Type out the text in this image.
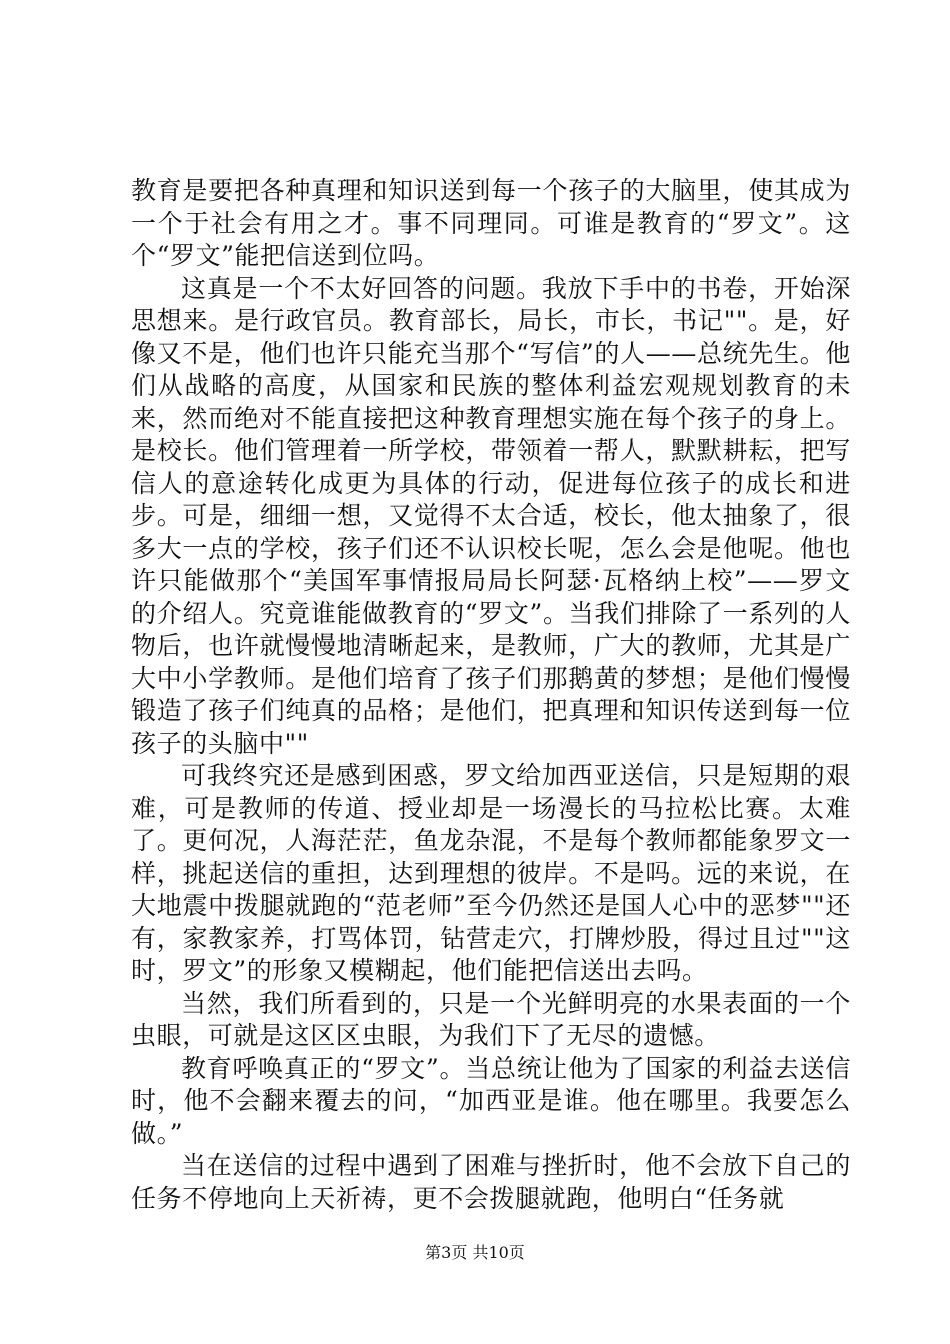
教育是要把各种真理和知识送到每一个孩子的大脑里，使其成为一个于社会有用之才。事不同理同。可谁是教育的“罗文”。这个“罗文”能把信送到位吗。

这真是一个不太好回答的问题。我放下手中的书卷，开始深思想来。是行政官员。教育部长，局长，市长，书记""。是，好像又不是，他们也许只能充当那个“写信”的人——总统先生。他们从战略的高度，从国家和民族的整体利益宏观规划教育的未来，然而绝对不能直接把这种教育理想实施在每个孩子的身上。是校长。他们管理着一所学校，带领着一帮人，默默耕耘，把写信人的意途转化成更为具体的行动，促进每位孩子的成长和进步。可是，细细一想，又觉得不太合适，校长，他太抽象了，很多大一点的学校，孩子们还不认识校长呢，怎么会是他呢。他也许只能做那个“美国军事情报局局长阿瑟·瓦格纳上校”——罗文的介绍人。究竟谁能做教育的“罗文”。当我们排除了一系列的人物后，也许就慢慢地清晰起来，是教师，广大的教师，尤其是广大中小学教师。是他们培育了孩子们那鹅黄的梦想；是他们慢慢锻造了孩子们纯真的品格；是他们，把真理和知识传送到每一位孩子的头脑中""

可我终究还是感到困惑，罗文给加西亚送信，只是短期的艰难，可是教师的传道、授业却是一场漫长的马拉松比赛。太难了。更何况，人海茫茫，鱼龙杂混，不是每个教师都能象罗文一样，挑起送信的重担，达到理想的彼岸。不是吗。远的来说，在大地震中拨腿就跑的“范老师”至今仍然还是国人心中的恶梦""还有，家教家养，打骂体罚，钻营走穴，打牌炒股，得过且过""这时，罗文”的形象又模糊起，他们能把信送出去吗。

当然，我们所看到的，只是一个光鲜明亮的水果表面的一个虫眼，可就是这区区虫眼，为我们下了无尽的遗憾。

教育呼唤真正的“罗文”。当总统让他为了国家的利益去送信时，他不会翻来覆去的问，“加西亚是谁。他在哪里。我要怎么做。”

当在送信的过程中遇到了困难与挫折时，他不会放下自己的任务不停地向上天祈祷，更不会拨腿就跑，他明白“任务就

第3页 共10页
